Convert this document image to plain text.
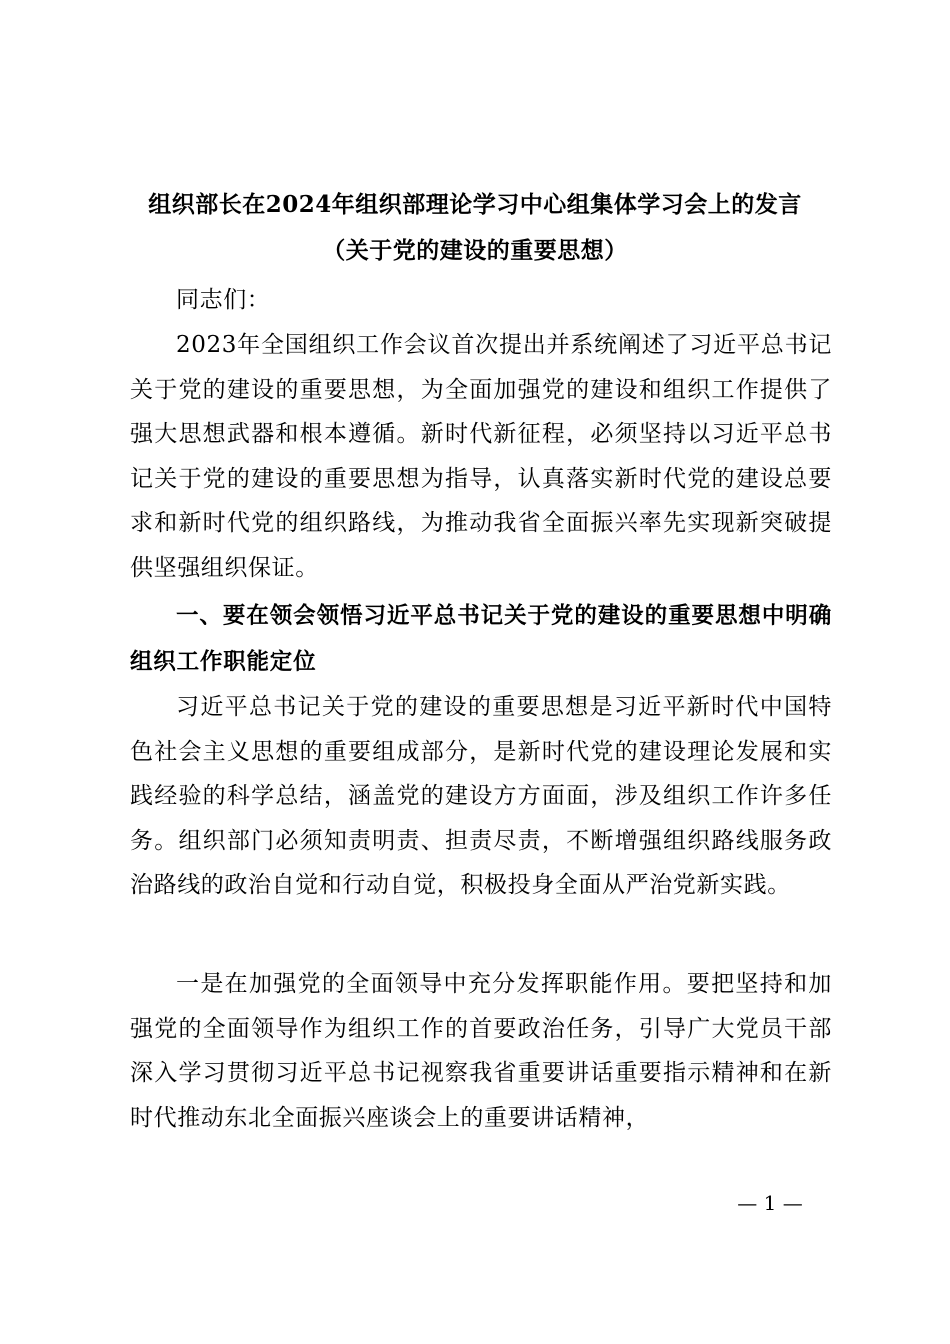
组织部长在2024年组织部理论学习中心组集体学习会上的发言
（关于党的建设的重要思想）

同志们：

2023年全国组织工作会议首次提出并系统阐述了习近平总书记关于党的建设的重要思想，为全面加强党的建设和组织工作提供了强大思想武器和根本遵循。新时代新征程，必须坚持以习近平总书记关于党的建设的重要思想为指导，认真落实新时代党的建设总要求和新时代党的组织路线，为推动我省全面振兴率先实现新突破提供坚强组织保证。

一、要在领会领悟习近平总书记关于党的建设的重要思想中明确组织工作职能定位

习近平总书记关于党的建设的重要思想是习近平新时代中国特色社会主义思想的重要组成部分，是新时代党的建设理论发展和实践经验的科学总结，涵盖党的建设方方面面，涉及组织工作许多任务。组织部门必须知责明责、担责尽责，不断增强组织路线服务政治路线的政治自觉和行动自觉，积极投身全面从严治党新实践。

一是在加强党的全面领导中充分发挥职能作用。要把坚持和加强党的全面领导作为组织工作的首要政治任务，引导广大党员干部深入学习贯彻习近平总书记视察我省重要讲话重要指示精神和在新时代推动东北全面振兴座谈会上的重要讲话精神，

— 1 —
